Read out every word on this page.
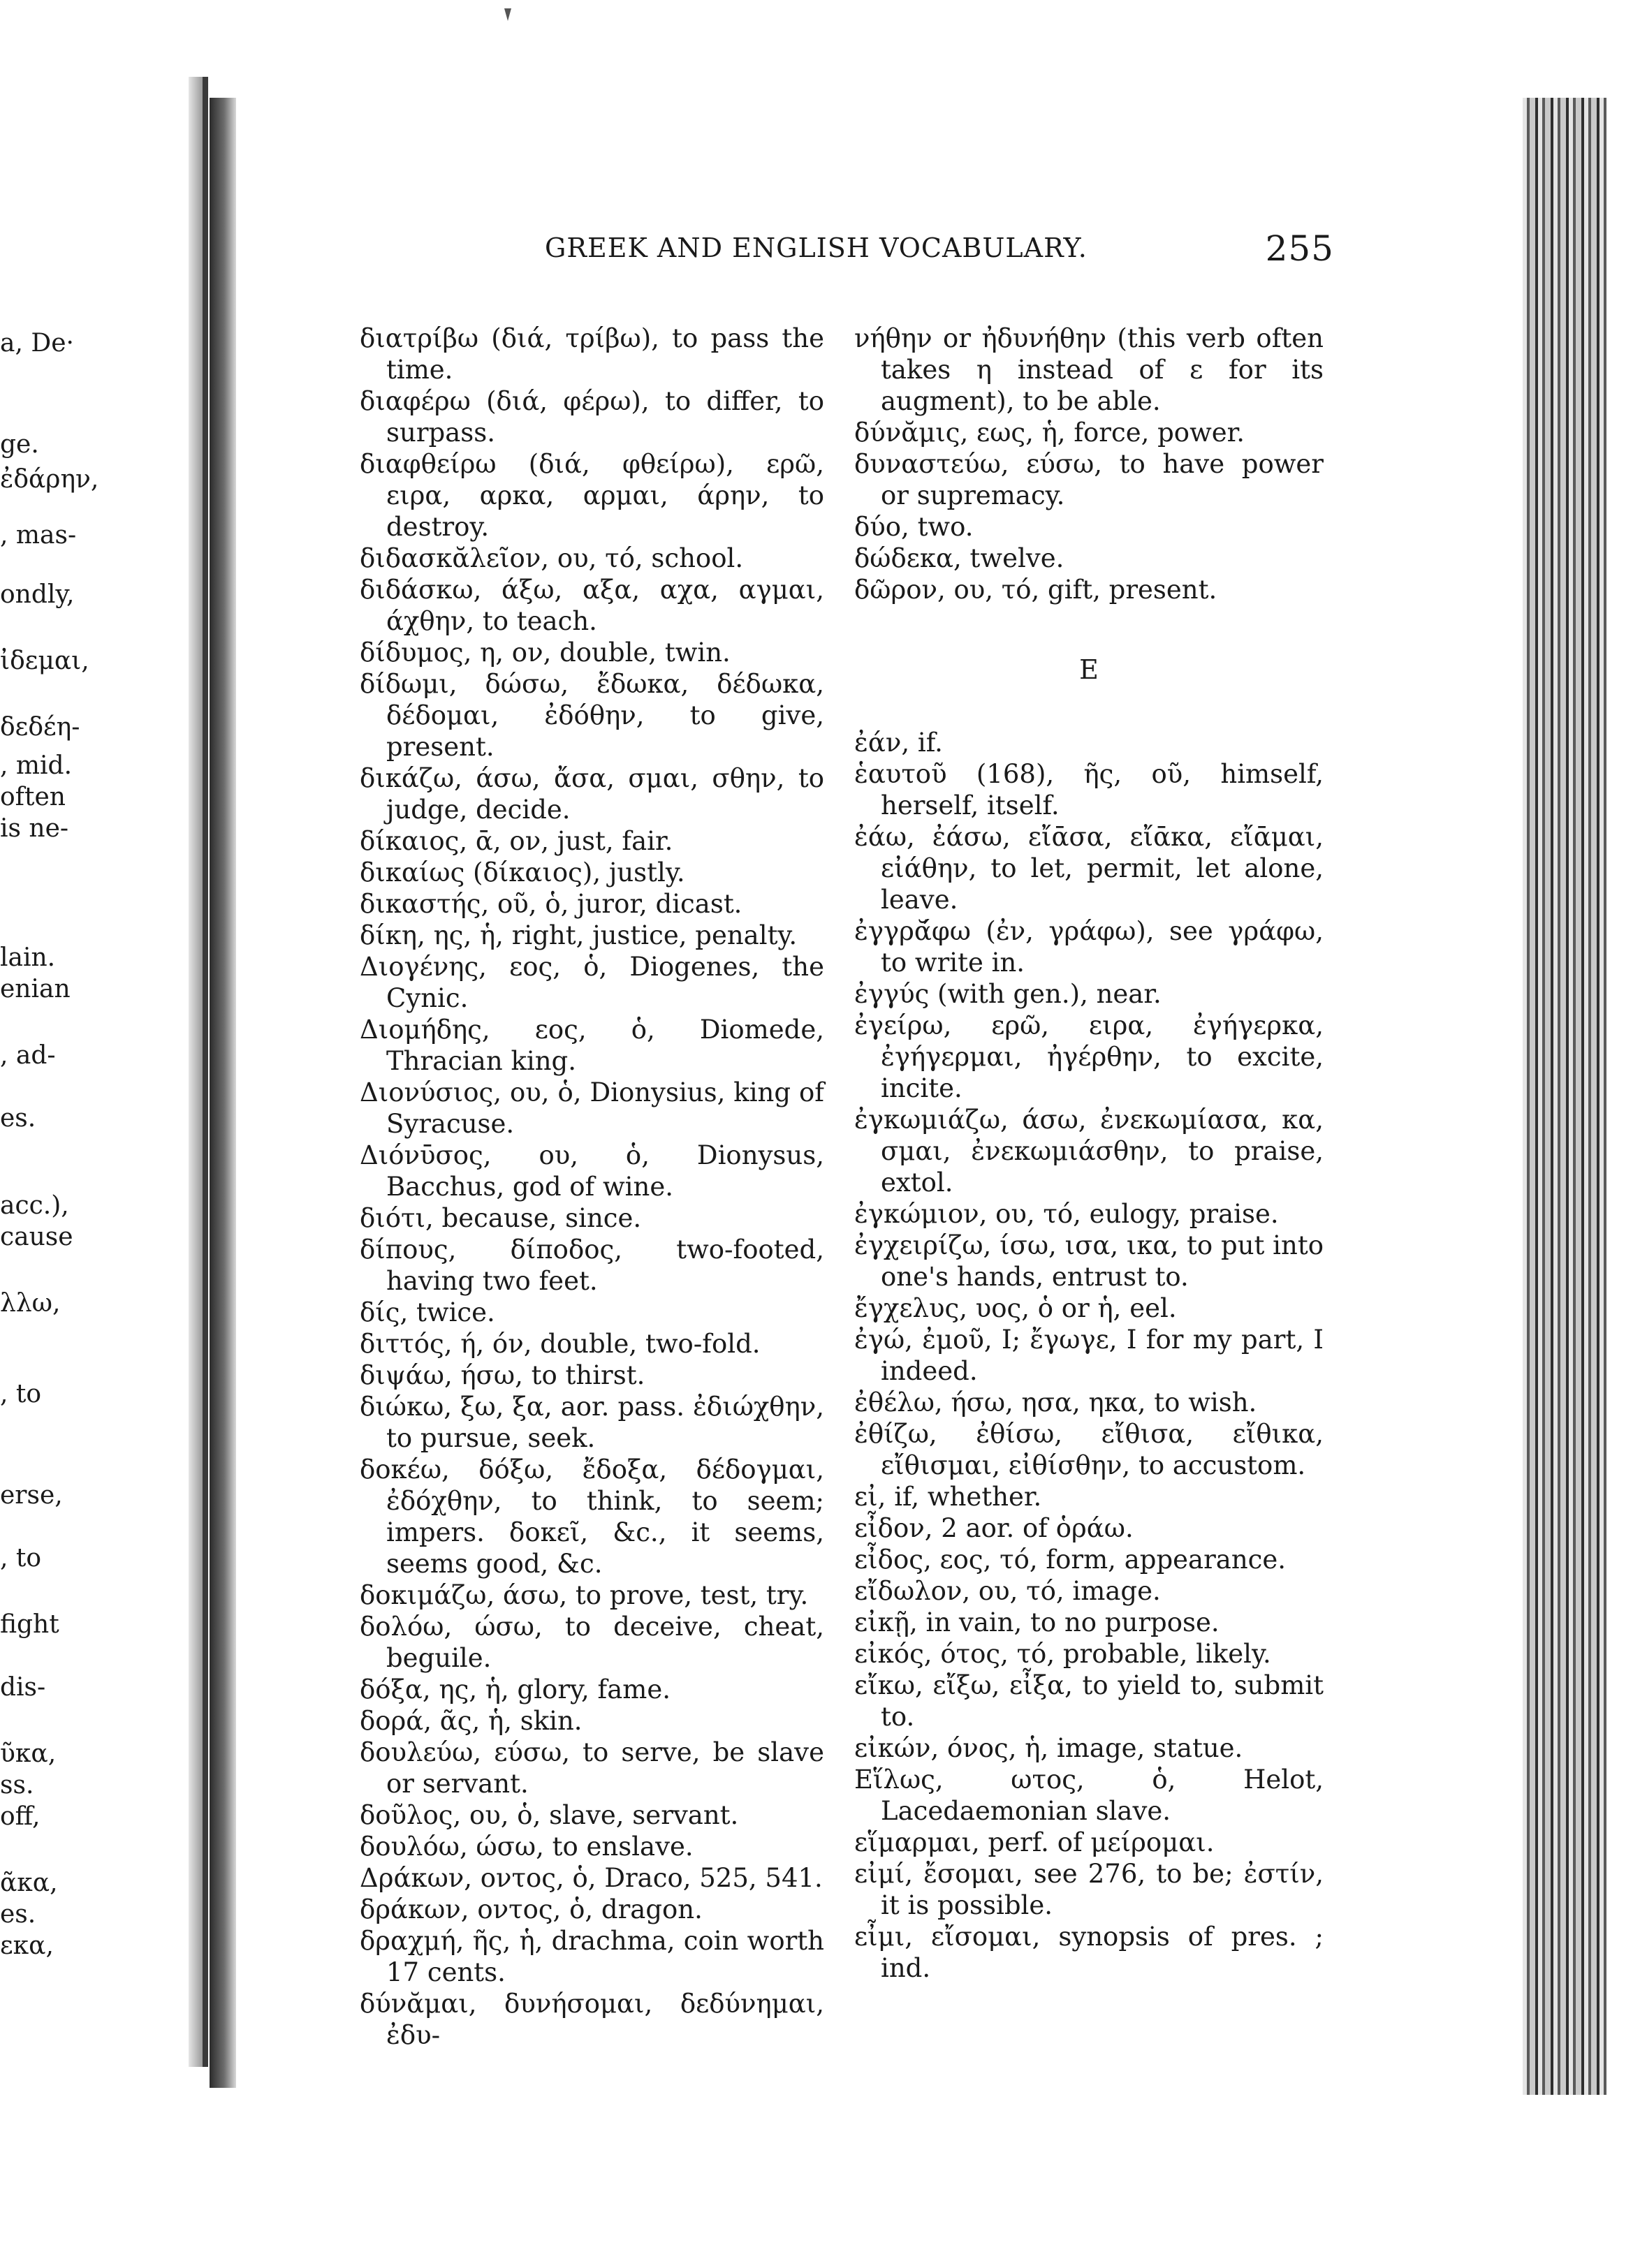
a, De·
ge.
ἐδάρην,
, mas-
ondly,
ἰδεμαι,
δεδέη-
, mid.
often
is ne-
lain.
enian
, ad-
es.
acc.),
cause
λλω,
, to
erse,
, to
fight
dis-
ῦκα,
ss.
off,
ᾶκα,
es.
εκα,
GREEK AND ENGLISH VOCABULARY.	255

διατρίβω (διά, τρίβω), to pass the time.

διαφέρω (διά, φέρω), to differ, to surpass.

διαφθείρω (διά, φθείρω), ερῶ, ειρα, αρκα, αρμαι, άρην, to destroy.

διδασκᾰλεῖον, ου, τό, school.

διδάσκω, άξω, αξα, αχα, αγμαι, άχθην, to teach.

δίδυμος, η, ον, double, twin.

δίδωμι, δώσω, ἔδωκα, δέδωκα, δέδομαι, ἐδόθην, to give, present.

δικάζω, άσω, ἄσα, σμαι, σθην, to judge, decide.

δίκαιος, ᾱ, ον, just, fair.

δικαίως (δίκαιος), justly.

δικαστής, οῦ, ὁ, juror, dicast.

δίκη, ης, ἡ, right, justice, penalty.

Διογένης, εος, ὁ, Diogenes, the Cynic.

Διομήδης, εος, ὁ, Diomede, Thracian king.

Διονύσιος, ου, ὁ, Dionysius, king of Syracuse.

Διόνῡσος, ου, ὁ, Dionysus, Bacchus, god of wine.

διότι, because, since.

δίπους, δίποδος, two-footed, having two feet.

δίς, twice.

διττός, ή, όν, double, two-fold.

διψάω, ήσω, to thirst.

διώκω, ξω, ξα, aor. pass. ἐδιώχθην, to pursue, seek.

δοκέω, δόξω, ἔδοξα, δέδογμαι, ἐδόχθην, to think, to seem; impers. δοκεῖ, &c., it seems, seems good, &c.

δοκιμάζω, άσω, to prove, test, try.

δολόω, ώσω, to deceive, cheat, beguile.

δόξα, ης, ἡ, glory, fame.

δορά, ᾶς, ἡ, skin.

δουλεύω, εύσω, to serve, be slave or servant.

δοῦλος, ου, ὁ, slave, servant.

δουλόω, ώσω, to enslave.

Δράκων, οντος, ὁ, Draco, 525, 541.

δράκων, οντος, ὁ, dragon.

δραχμή, ῆς, ἡ, drachma, coin worth 17 cents.

δύνᾰμαι, δυνήσομαι, δεδύνημαι, ἐδυ-

νήθην or ἠδυνήθην (this verb often takes η instead of ε for its augment), to be able.

δύνᾰμις, εως, ἡ, force, power.

δυναστεύω, εύσω, to have power or supremacy.

δύο, two.

δώδεκα, twelve.

δῶρον, ου, τό, gift, present.

E

ἐάν, if.

ἑαυτοῦ (168), ῆς, οῦ, himself, herself, itself.

ἐάω, ἐάσω, εἴᾱσα, εἴᾱκα, εἴᾱμαι, εἰάθην, to let, permit, let alone, leave.

ἐγγρᾰ́φω (ἐν, γράφω), see γράφω, to write in.

ἐγγύς (with gen.), near.

ἐγείρω, ερῶ, ειρα, ἐγήγερκα, ἐγήγερμαι, ἠγέρθην, to excite, incite.

ἐγκωμιάζω, άσω, ἐνεκωμίασα, κα, σμαι, ἐνεκωμιάσθην, to praise, extol.

ἐγκώμιον, ου, τό, eulogy, praise.

ἐγχειρίζω, ίσω, ισα, ικα, to put into one's hands, entrust to.

ἔγχελυς, υος, ὁ or ἡ, eel.

ἐγώ, ἐμοῦ, I; ἔγωγε, I for my part, I indeed.

ἐθέλω, ήσω, ησα, ηκα, to wish.

ἐθίζω, ἐθίσω, εἴθισα, εἴθικα, εἴθισμαι, εἰθίσθην, to accustom.

εἰ, if, whether.

εἶδον, 2 aor. of ὁράω.

εἶδος, εος, τό, form, appearance.

εἴδωλον, ου, τό, image.

εἰκῇ, in vain, to no purpose.

εἰκός, ότος, τό, probable, likely.

εἴκω, εἴξω, εἶξα, to yield to, submit to.

εἰκών, όνος, ἡ, image, statue.

Εἵλως, ωτος, ὁ, Helot, Lacedaemonian slave.

εἵμαρμαι, perf. of μείρομαι.

εἰμί, ἔσομαι, see 276, to be; ἐστίν, it is possible.

εἶμι, εἴσομαι, synopsis of pres. ; ind.
